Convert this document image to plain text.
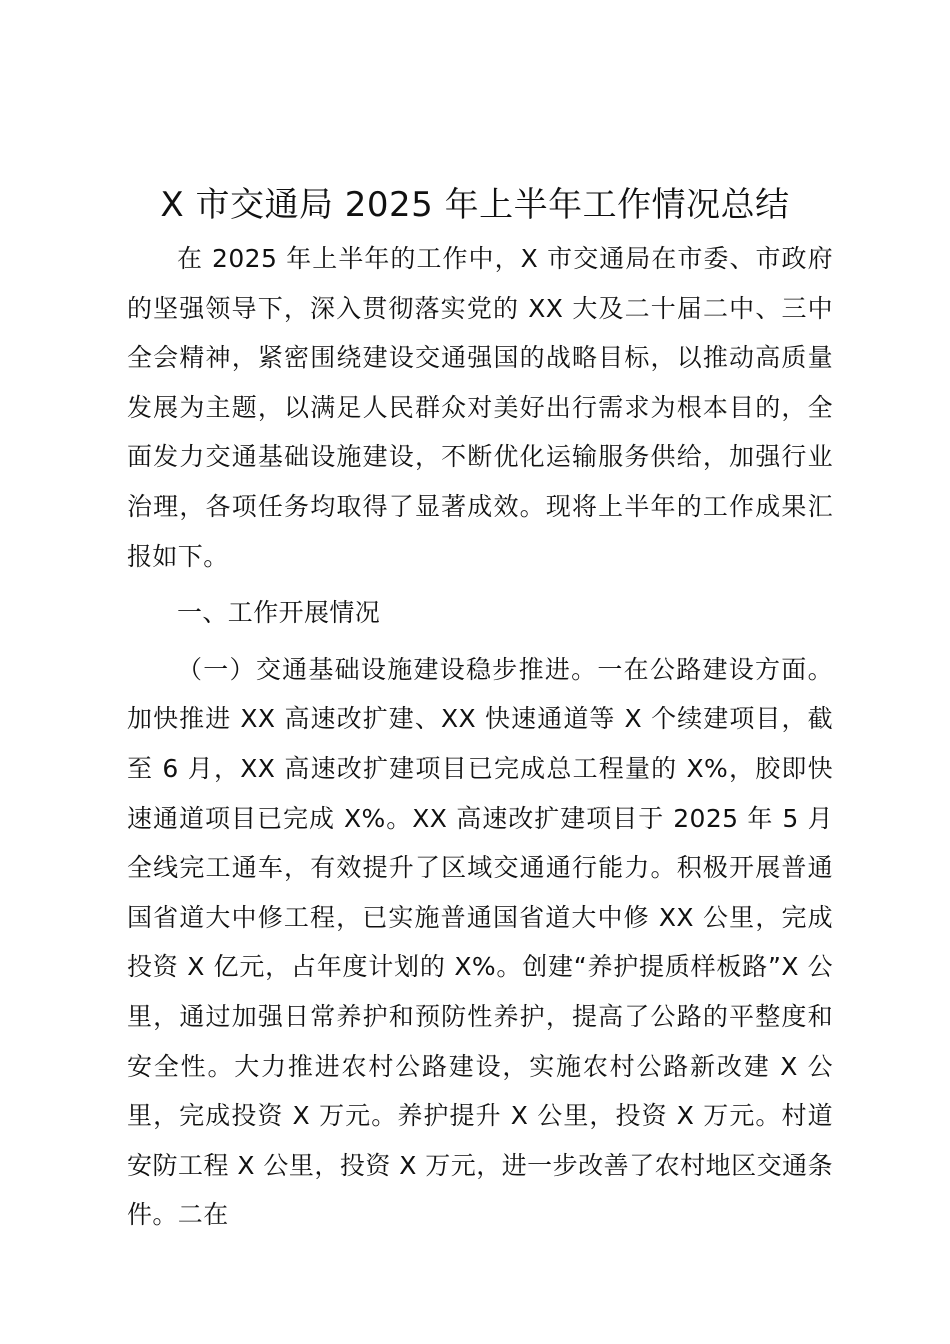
X 市交通局 2025 年上半年工作情况总结

在 2025 年上半年的工作中，X 市交通局在市委、市政府的坚强领导下，深入贯彻落实党的 XX 大及二十届二中、三中全会精神，紧密围绕建设交通强国的战略目标，以推动高质量发展为主题，以满足人民群众对美好出行需求为根本目的，全面发力交通基础设施建设，不断优化运输服务供给，加强行业治理，各项任务均取得了显著成效。现将上半年的工作成果汇报如下。

一、工作开展情况

（一）交通基础设施建设稳步推进。一在公路建设方面。加快推进 XX 高速改扩建、XX 快速通道等 X 个续建项目，截至 6 月，XX 高速改扩建项目已完成总工程量的 X%，胶即快速通道项目已完成 X%。XX 高速改扩建项目于 2025 年 5 月全线完工通车，有效提升了区域交通通行能力。积极开展普通国省道大中修工程，已实施普通国省道大中修 XX 公里，完成投资 X 亿元，占年度计划的 X%。创建“养护提质样板路”X 公里，通过加强日常养护和预防性养护，提高了公路的平整度和安全性。大力推进农村公路建设，实施农村公路新改建 X 公里，完成投资 X 万元。养护提升 X 公里，投资 X 万元。村道安防工程 X 公里，投资 X 万元，进一步改善了农村地区交通条件。二在
